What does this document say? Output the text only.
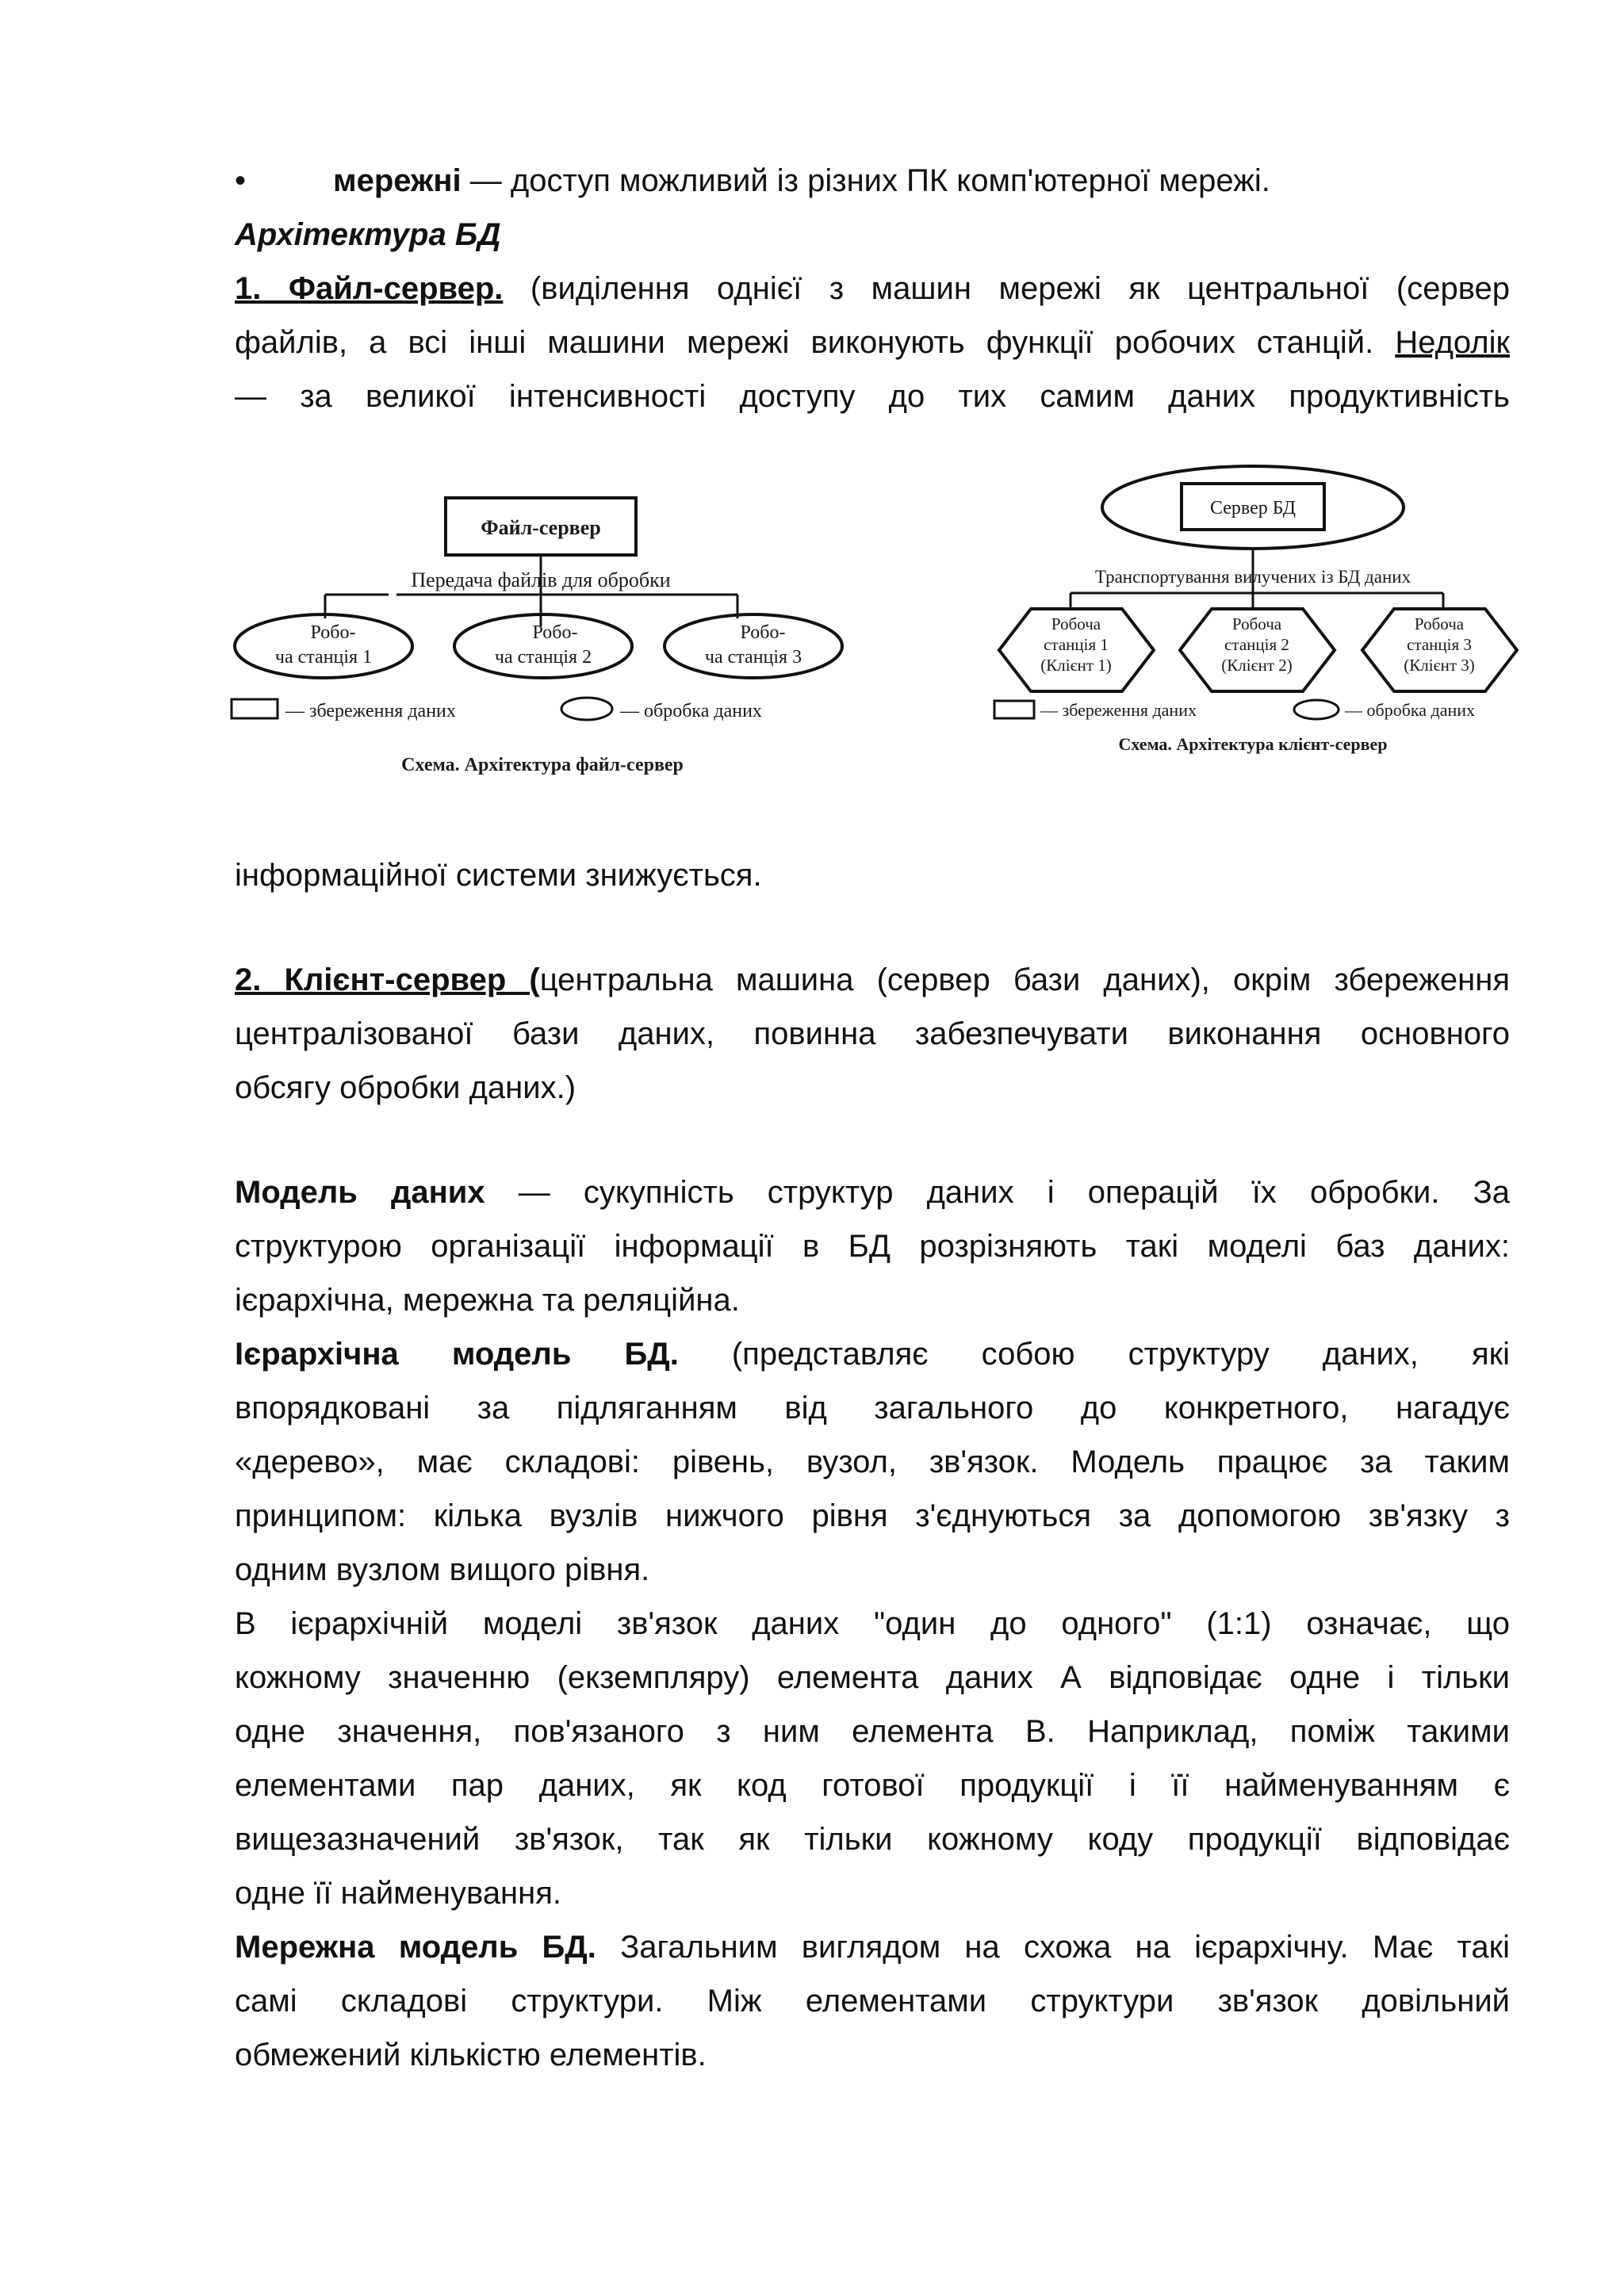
•	мережні — доступ можливий із різних ПК комп'ютерної мережі.
Архітектура БД
1. Файл-сервер. (виділення однієї з машин мережі як центральної (сервер
файлів, а всі інші машини мережі виконують функції робочих станцій. Недолік
— за великої інтенсивності доступу до тих самим даних продуктивність
Файл-сервер
Передача файлів для обробки
Робо-
ча станція 1
Робо-
ча станція 2
Робо-
ча станція 3
— збереження даних	— обробка даних
Схема. Архітектура файл-сервер
Сервер БД
Транспортування вилучених із БД даних
Робоча
станція 1
(Клієнт 1)
Робоча
станція 2
(Клієнт 2)
Робоча
станція 3
(Клієнт 3)
— збереження даних	— обробка даних
Схема. Архітектура клієнт-сервер
інформаційної системи знижується.
2. Клієнт-сервер (центральна машина (сервер бази даних), окрім збереження
централізованої бази даних, повинна забезпечувати виконання основного
обсягу обробки даних.)
Модель даних — сукупність структур даних і операцій їх обробки. За
структурою організації інформації в БД розрізняють такі моделі баз даних:
ієрархічна, мережна та реляційна.
Ієрархічна модель БД. (представляє собою структуру даних, які
впорядковані за підляганням від загального до конкретного, нагадує
«дерево», має складові: рівень, вузол, зв'язок. Модель працює за таким
принципом: кілька вузлів нижчого рівня з'єднуються за допомогою зв'язку з
одним вузлом вищого рівня.
В ієрархічній моделі зв'язок даних "один до одного" (1:1) означає, що
кожному значенню (екземпляру) елемента даних А відповідає одне і тільки
одне значення, пов'язаного з ним елемента В. Наприклад, поміж такими
елементами пар даних, як код готової продукції і її найменуванням є
вищезазначений зв'язок, так як тільки кожному коду продукції відповідає
одне її найменування.
Мережна модель БД. Загальним виглядом на схожа на ієрархічну. Має такі
самі складові структури. Між елементами структури зв'язок довільний
обмежений кількістю елементів.
